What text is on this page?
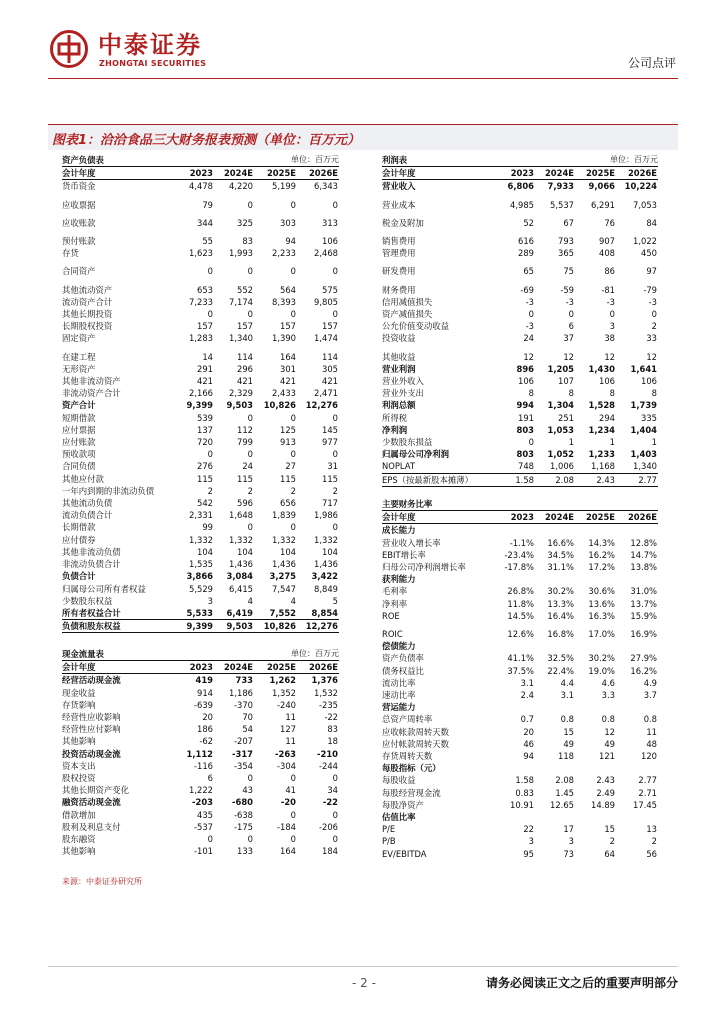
中泰证券
ZHONGTAI SECURITIES	公司点评
图表1：洽洽食品三大财务报表预测（单位：百万元）
资产负债表			单位：百万元	
会计年度	2023	2024E	2025E	2026E
货币资金	4,478	4,220	5,199	6,343

应收票据	79	0	0	0

应收账款	344	325	303	313

预付账款	55	83	94	106
存货	1,623	1,993	2,233	2,468

合同资产	0	0	0	0

其他流动资产	653	552	564	575
流动资产合计	7,233	7,174	8,393	9,805
其他长期投资	0	0	0	0
长期股权投资	157	157	157	157
固定资产	1,283	1,340	1,390	1,474

在建工程	14	114	164	114
无形资产	291	296	301	305
其他非流动资产	421	421	421	421
非流动资产合计	2,166	2,329	2,433	2,471
资产合计	9,399	9,503	10,826	12,276
短期借款	539	0	0	0
应付票据	137	112	125	145
应付账款	720	799	913	977
预收款项	0	0	0	0
合同负债	276	24	27	31
其他应付款	115	115	115	115
一年内到期的非流动负债	2	2	2	2
其他流动负债	542	596	656	717
流动负债合计	2,331	1,648	1,839	1,986
长期借款	99	0	0	0
应付债券	1,332	1,332	1,332	1,332
其他非流动负债	104	104	104	104
非流动负债合计	1,535	1,436	1,436	1,436
负债合计	3,866	3,084	3,275	3,422
归属母公司所有者权益	5,529	6,415	7,547	8,849
少数股东权益	3	4	4	5
所有者权益合计	5,533	6,419	7,552	8,854
负债和股东权益	9,399	9,503	10,826	12,276
现金流量表			单位：百万元	
会计年度	2023	2024E	2025E	2026E
经营活动现金流	419	733	1,262	1,376
现金收益	914	1,186	1,352	1,532
存货影响	-639	-370	-240	-235
经营性应收影响	20	70	11	-22
经营性应付影响	186	54	127	83
其他影响	-62	-207	11	18
投资活动现金流	1,112	-317	-263	-210
资本支出	-116	-354	-304	-244
股权投资	6	0	0	0
其他长期资产变化	1,222	43	41	34
融资活动现金流	-203	-680	-20	-22
借款增加	435	-638	0	0
股利及利息支付	-537	-175	-184	-206
股东融资	0	0	0	0
其他影响	-101	133	164	184
利润表			单位：百万元	
会计年度	2023	2024E	2025E	2026E
营业收入	6,806	7,933	9,066	10,224

营业成本	4,985	5,537	6,291	7,053

税金及附加	52	67	76	84

销售费用	616	793	907	1,022
管理费用	289	365	408	450

研发费用	65	75	86	97

财务费用	-69	-59	-81	-79
信用减值损失	-3	-3	-3	-3
资产减值损失	0	0	0	0
公允价值变动收益	-3	6	3	2
投资收益	24	37	38	33

其他收益	12	12	12	12
营业利润	896	1,205	1,430	1,641
营业外收入	106	107	106	106
营业外支出	8	8	8	8
利润总额	994	1,304	1,528	1,739
所得税	191	251	294	335
净利润	803	1,053	1,234	1,404
少数股东损益	0	1	1	1
归属母公司净利润	803	1,052	1,233	1,403
NOPLAT	748	1,006	1,168	1,340
EPS（按最新股本摊薄）	1.58	2.08	2.43	2.77
主要财务比率				
会计年度	2023	2024E	2025E	2026E
成长能力				
营业收入增长率	-1.1%	16.6%	14.3%	12.8%
EBIT增长率	-23.4%	34.5%	16.2%	14.7%
归母公司净利润增长率	-17.8%	31.1%	17.2%	13.8%
获利能力				
毛利率	26.8%	30.2%	30.6%	31.0%
净利率	11.8%	13.3%	13.6%	13.7%
ROE	14.5%	16.4%	16.3%	15.9%

ROIC	12.6%	16.8%	17.0%	16.9%
偿债能力				
资产负债率	41.1%	32.5%	30.2%	27.9%
债务权益比	37.5%	22.4%	19.0%	16.2%
流动比率	3.1	4.4	4.6	4.9
速动比率	2.4	3.1	3.3	3.7
营运能力				
总资产周转率	0.7	0.8	0.8	0.8
应收帐款周转天数	20	15	12	11
应付帐款周转天数	46	49	49	48
存货周转天数	94	118	121	120
每股指标（元）				
每股收益	1.58	2.08	2.43	2.77
每股经营现金流	0.83	1.45	2.49	2.71
每股净资产	10.91	12.65	14.89	17.45
估值比率				
P/E	22	17	15	13
P/B	3	3	2	2
EV/EBITDA	95	73	64	56
来源：中泰证券研究所
- 2 -	请务必阅读正文之后的重要声明部分
